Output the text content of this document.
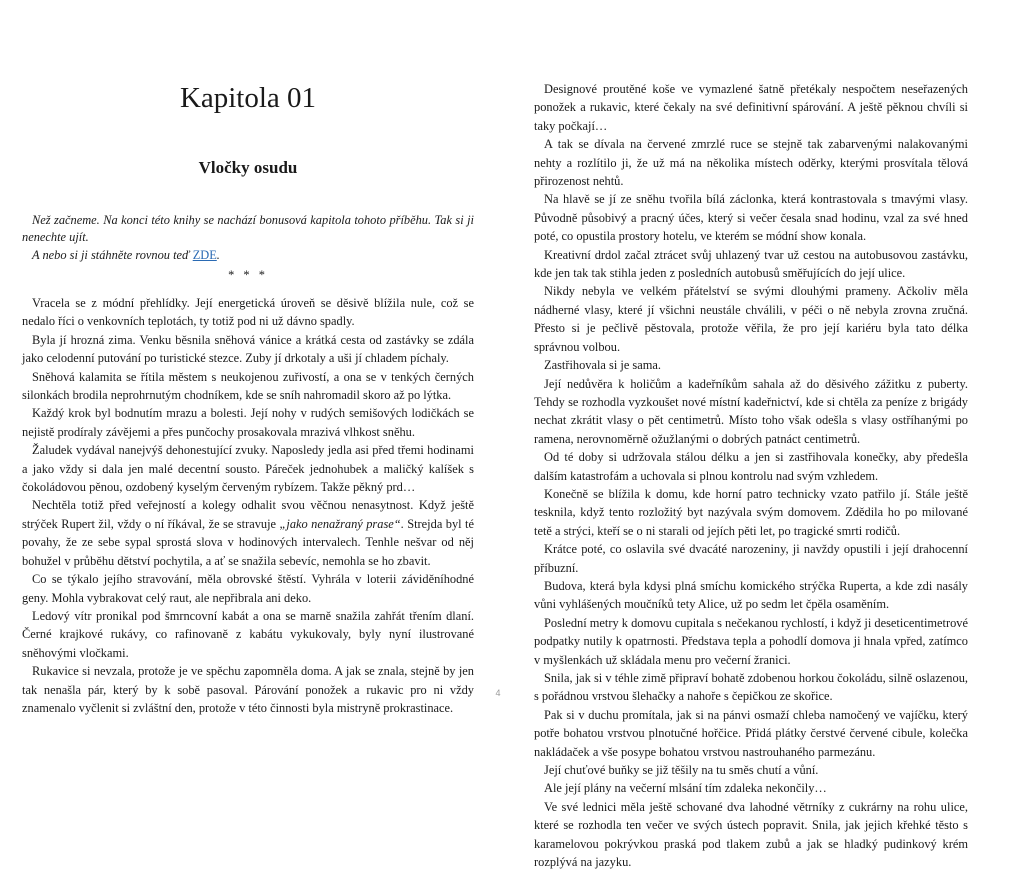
Kapitola 01
Vločky osudu

Než začneme. Na konci této knihy se nachází bonusová kapitola tohoto příběhu. Tak si ji nenechte ujít.

A nebo si ji stáhněte rovnou teď ZDE.

* * *

Vracela se z módní přehlídky. Její energetická úroveň se děsivě blížila nule, což se nedalo říci o venkovních teplotách, ty totiž pod ni už dávno spadly.

Byla jí hrozná zima. Venku běsnila sněhová vánice a krátká cesta od zastávky se zdála jako celodenní putování po turistické stezce. Zuby jí drkotaly a uši jí chladem píchaly.

Sněhová kalamita se řítila městem s neukojenou zuřivostí, a ona se v tenkých černých silonkách brodila neprohrnutým chodníkem, kde se sníh nahromadil skoro až po lýtka.

Každý krok byl bodnutím mrazu a bolesti. Její nohy v rudých semišových lodičkách se nejistě prodíraly závějemi a přes punčochy prosakovala mrazivá vlhkost sněhu.

Žaludek vydával nanejvýš dehonestující zvuky. Naposledy jedla asi před třemi hodinami a jako vždy si dala jen malé decentní sousto. Páreček jednohubek a maličký kalíšek s čokoládovou pěnou, ozdobený kyselým červeným rybízem. Takže pěkný prd…

Nechtěla totiž před veřejností a kolegy odhalit svou věčnou nenasytnost. Když ještě strýček Rupert žil, vždy o ní říkával, že se stravuje „jako nenažraný prase“. Strejda byl té povahy, že ze sebe sypal sprostá slova v hodinových intervalech. Tenhle nešvar od něj bohužel v průběhu dětství pochytila, a ať se snažila sebevíc, nemohla se ho zbavit.

Co se týkalo jejího stravování, měla obrovské štěstí. Vyhrála v loterii záviděníhodné geny. Mohla vybrakovat celý raut, ale nepřibrala ani deko.

Ledový vítr pronikal pod šmrncovní kabát a ona se marně snažila zahřát třením dlaní. Černé krajkové rukávy, co rafinovaně z kabátu vykukovaly, byly nyní ilustrované sněhovými vločkami.

Rukavice si nevzala, protože je ve spěchu zapomněla doma. A jak se znala, stejně by jen tak nenašla pár, který by k sobě pasoval. Párování ponožek a rukavic pro ni vždy znamenalo vyčlenit si zvláštní den, protože v této činnosti byla mistryně prokrastinace.

Designové proutěné koše ve vymazlené šatně přetékaly nespočtem neseřazených ponožek a rukavic, které čekaly na své definitivní spárování. A ještě pěknou chvíli si taky počkají…

A tak se dívala na červené zmrzlé ruce se stejně tak zabarvenými nalakovanými nehty a rozlítilo ji, že už má na několika místech oděrky, kterými prosvítala tělová přirozenost nehtů.

Na hlavě se jí ze sněhu tvořila bílá záclonka, která kontrastovala s tmavými vlasy. Původně působivý a pracný účes, který si večer česala snad hodinu, vzal za své hned poté, co opustila prostory hotelu, ve kterém se módní show konala.

Kreativní drdol začal ztrácet svůj uhlazený tvar už cestou na autobusovou zastávku, kde jen tak tak stihla jeden z posledních autobusů směřujících do její ulice.

Nikdy nebyla ve velkém přátelství se svými dlouhými prameny. Ačkoliv měla nádherné vlasy, které jí všichni neustále chválili, v péči o ně nebyla zrovna zručná. Přesto si je pečlivě pěstovala, protože věřila, že pro její kariéru byla tato délka správnou volbou.

Zastřihovala si je sama.

Její nedůvěra k holičům a kadeřníkům sahala až do děsivého zážitku z puberty. Tehdy se rozhodla vyzkoušet nové místní kadeřnictví, kde si chtěla za peníze z brigády nechat zkrátit vlasy o pět centimetrů. Místo toho však odešla s vlasy ostříhanými po ramena, nerovnoměrně ožužlanými o dobrých patnáct centimetrů.

Od té doby si udržovala stálou délku a jen si zastřihovala konečky, aby předešla dalším katastrofám a uchovala si plnou kontrolu nad svým vzhledem.

Konečně se blížila k domu, kde horní patro technicky vzato patřilo jí. Stále ještě tesknila, když tento rozložitý byt nazývala svým domovem. Zdědila ho po milované tetě a strýci, kteří se o ni starali od jejích pěti let, po tragické smrti rodičů.

Krátce poté, co oslavila své dvacáté narozeniny, ji navždy opustili i její drahocenní příbuzní.

Budova, která byla kdysi plná smíchu komického strýčka Ruperta, a kde zdi nasály vůni vyhlášených moučníků tety Alice, už po sedm let čpěla osaměním.

Poslední metry k domovu cupitala s nečekanou rychlostí, i když ji deseticentimetrové podpatky nutily k opatrnosti. Představa tepla a pohodlí domova ji hnala vpřed, zatímco v myšlenkách už skládala menu pro večerní žranici.

Snila, jak si v téhle zimě připraví bohatě zdobenou horkou čokoládu, silně oslazenou, s pořádnou vrstvou šlehačky a nahoře s čepičkou ze skořice.

Pak si v duchu promítala, jak si na pánvi osmaží chleba namočený ve vajíčku, který potře bohatou vrstvou plnotučné hořčice. Přidá plátky čerstvé červené cibule, kolečka nakládaček a vše posype bohatou vrstvou nastrouhaného parmezánu.

Její chuťové buňky se již těšily na tu směs chutí a vůní.

Ale její plány na večerní mlsání tím zdaleka nekončily…

Ve své lednici měla ještě schované dva lahodné větrníky z cukrárny na rohu ulice, které se rozhodla ten večer ve svých ústech popravit. Snila, jak jejich křehké těsto s karamelovou pokrývkou praská pod tlakem zubů a jak se hladký pudinkový krém rozplývá na jazyku.

4
